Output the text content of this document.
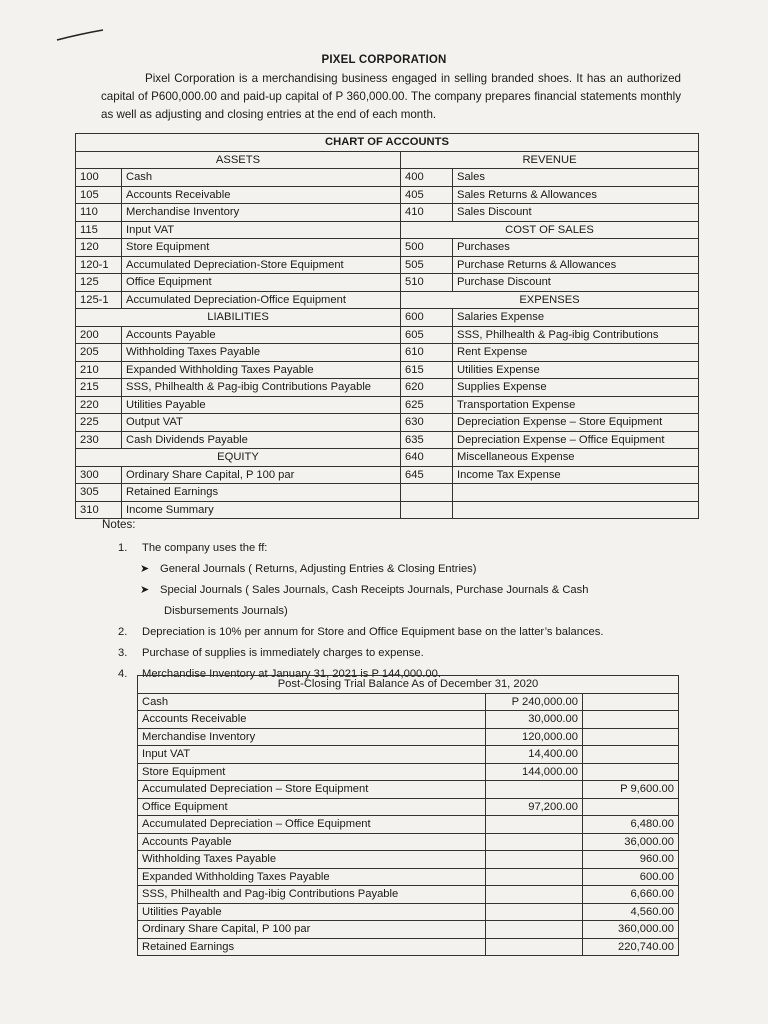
PIXEL CORPORATION
Pixel Corporation is a merchandising business engaged in selling branded shoes. It has an authorized capital of P600,000.00 and paid-up capital of P 360,000.00. The company prepares financial statements monthly as well as adjusting and closing entries at the end of each month.
CHART OF ACCOUNTS			
ASSETS		REVENUE	
100	Cash	400	Sales
105	Accounts Receivable	405	Sales Returns & Allowances
110	Merchandise Inventory	410	Sales Discount
115	Input VAT	COST OF SALES	
120	Store Equipment	500	Purchases
120-1	Accumulated Depreciation-Store Equipment	505	Purchase Returns & Allowances
125	Office Equipment	510	Purchase Discount
125-1	Accumulated Depreciation-Office Equipment	EXPENSES	
LIABILITIES		600	Salaries Expense
200	Accounts Payable	605	SSS, Philhealth & Pag-ibig Contributions
205	Withholding Taxes Payable	610	Rent Expense
210	Expanded Withholding Taxes Payable	615	Utilities Expense
215	SSS, Philhealth & Pag-ibig Contributions Payable	620	Supplies Expense
220	Utilities Payable	625	Transportation Expense
225	Output VAT	630	Depreciation Expense – Store Equipment
230	Cash Dividends Payable	635	Depreciation Expense – Office Equipment
EQUITY		640	Miscellaneous Expense
300	Ordinary Share Capital, P 100 par	645	Income Tax Expense
305	Retained Earnings		
310	Income Summary		
Notes:
1. The company uses the ff:
➤ General Journals ( Returns, Adjusting Entries & Closing Entries)
➤ Special Journals ( Sales Journals, Cash Receipts Journals, Purchase Journals & Cash
Disbursements Journals)
2. Depreciation is 10% per annum for Store and Office Equipment base on the latter’s balances.
3. Purchase of supplies is immediately charges to expense.
4. Merchandise Inventory at January 31, 2021 is P 144,000.00.
Post-Closing Trial Balance As of December 31, 2020		
Cash	P 240,000.00	
Accounts Receivable	30,000.00	
Merchandise Inventory	120,000.00	
Input VAT	14,400.00	
Store Equipment	144,000.00	
Accumulated Depreciation – Store Equipment		P 9,600.00
Office Equipment	97,200.00	
Accumulated Depreciation – Office Equipment		6,480.00
Accounts Payable		36,000.00
Withholding Taxes Payable		960.00
Expanded Withholding Taxes Payable		600.00
SSS, Philhealth and Pag-ibig Contributions Payable		6,660.00
Utilities Payable		4,560.00
Ordinary Share Capital, P 100 par		360,000.00
Retained Earnings		220,740.00
